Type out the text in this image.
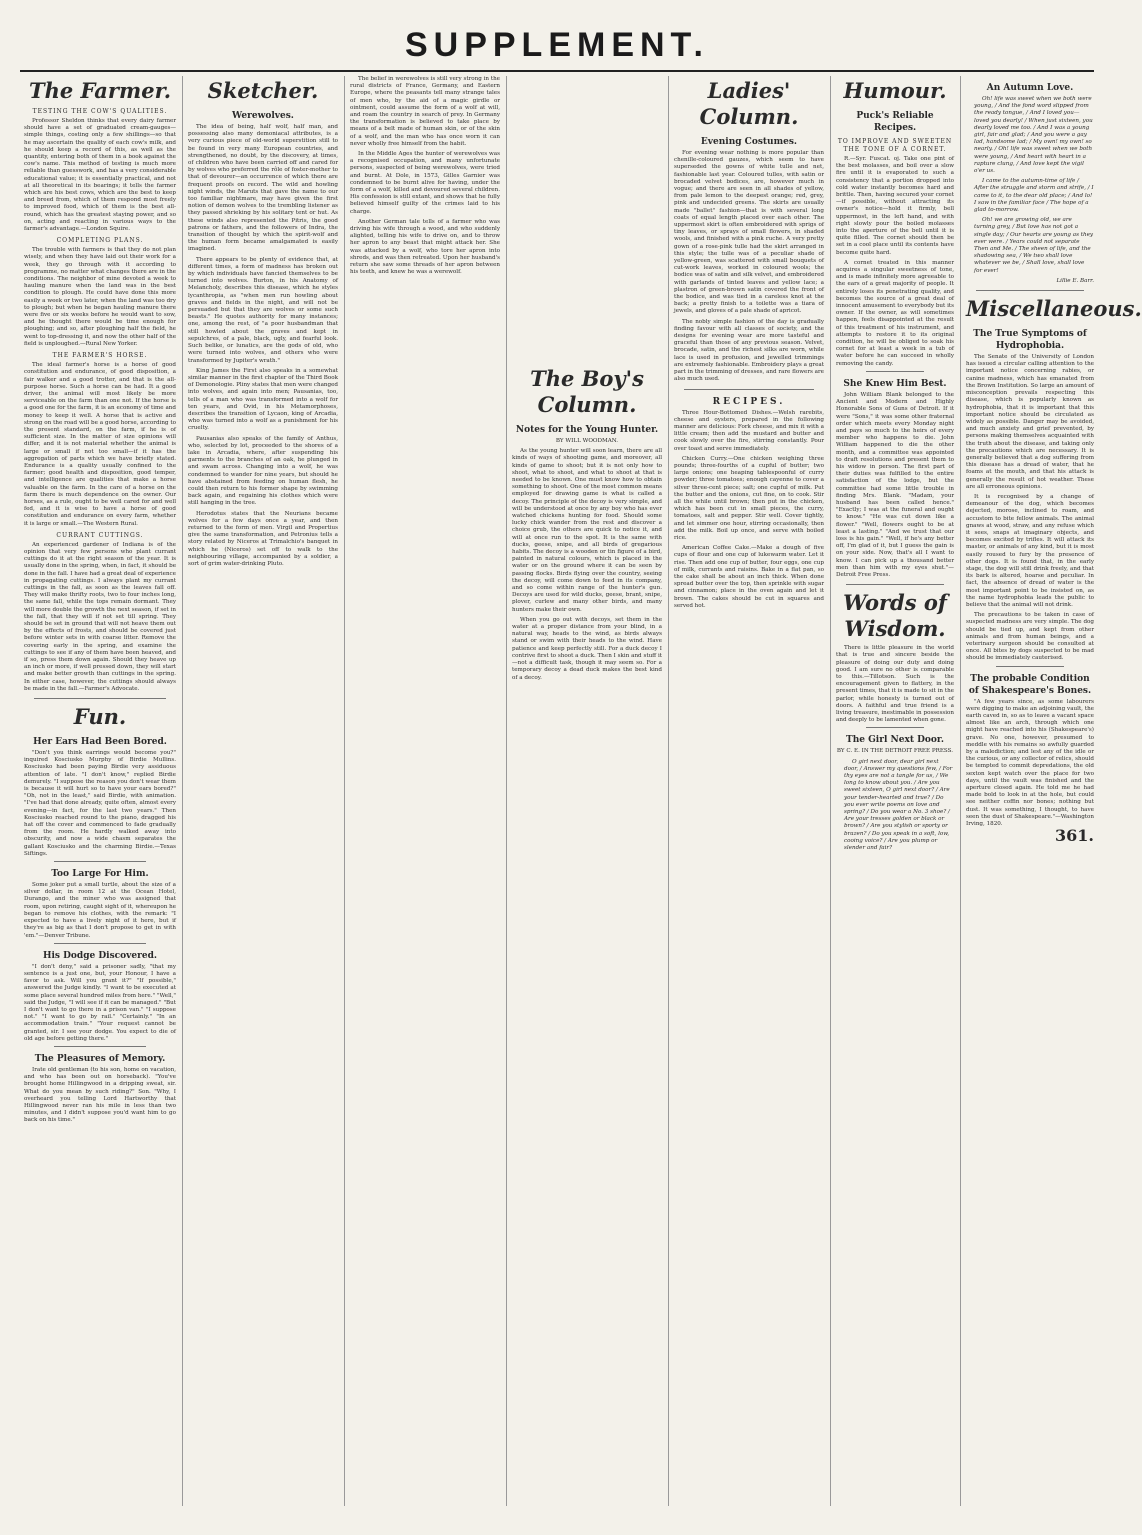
SUPPLEMENT.
The Farmer.
TESTING THE COW'S QUALITIES.

Professor Sheldon thinks that every dairy farmer should have a set of graduated cream-gauges—simple things, costing only a few shillings—so that he may ascertain the quality of each cow's milk, and he should keep a record of this, as well as the quantity, entering both of them in a book against the cow's name. This method of testing is much more reliable than guesswork, and has a very considerable educational value; it is essentially practical, and not at all theoretical in its bearings; it tells the farmer which are his best cows, which are the best to keep and breed from, which of them respond most freely to improved food, which of them is the best all-round, which has the greatest staying power, and so on, acting and reacting in various ways to the farmer's advantage.—London Squire.

COMPLETING PLANS.

The trouble with farmers is that they do not plan wisely, and when they have laid out their work for a week, they go through with it according to programme, no matter what changes there are in the conditions. The neighbor of mine devoted a week to hauling manure when the land was in the best condition to plough. He could have done this more easily a week or two later, when the land was too dry to plough; but when he began hauling manure there were five or six weeks before he would want to sow, and he thought there would be time enough for ploughing; and so, after ploughing half the field, he went to top-dressing it, and now the other half of the field is unploughed.—Rural New Yorker.

THE FARMER'S HORSE.

The ideal farmer's horse is a horse of good constitution and endurance, of good disposition, a fair walker and a good trotter, and that is the all-purpose horse. Such a horse can be had. It a good driver, the animal will most likely be more serviceable on the farm than one not. If the horse is a good one for the farm, it is an economy of time and money to keep it well. A horse that is active and strong on the road will be a good horse, according to the present standard, on the farm, if he is of sufficient size. In the matter of size opinions will differ, and it is not material whether the animal is large or small if not too small—if it has the aggregation of parts which we have briefly stated. Endurance is a quality usually confined to the farmer; good health and disposition, good temper, and intelligence are qualities that make a horse valuable on the farm. In the care of a horse on the farm there is much dependence on the owner. Our horses, as a rule, ought to be well cared for and well fed, and it is wise to have a horse of good constitution and endurance on every farm, whether it is large or small.—The Western Rural.

CURRANT CUTTINGS.

An experienced gardener of Indiana is of the opinion that very few persons who plant currant cuttings do it at the right season of the year. It is usually done in the spring, when, in fact, it should be done in the fall. I have had a great deal of experience in propagating cuttings. I always plant my currant cuttings in the fall, as soon as the leaves fall off. They will make thrifty roots, two to four inches long, the same fall, while the tops remain dormant. They will more double the growth the next season, if set in the fall, that they will if not set till spring. They should be set in ground that will not heave them out by the effects of frosts, and should be covered just before winter sets in with coarse litter. Remove the covering early in the spring, and examine the cuttings to see if any of them have been heaved, and if so, press them down again. Should they heave up an inch or more, if well pressed down, they will start and make better growth than cuttings in the spring. In either case, however, the cuttings should always be made in the fall.—Farmer's Advocate.

Fun.
Her Ears Had Been Bored.

"Don't you think earrings would become you?" inquired Kosciusko Murphy of Birdie Mullins. Kosciusko had been paying Birdie very assiduous attention of late. "I don't know," replied Birdie demurely. "I suppose the reason you don't wear them is because it will hurt so to have your ears bored?" "Oh, not in the least," said Birdie, with animation. "I've had that done already, quite often, almost every evening—in fact, for the last two years." Then Kosciusko reached round to the piano, dragged his hat off the cover and commenced to fade gradually from the room. He hardly walked away into obscurity, and now a wide chasm separates the gallant Kosciusko and the charming Birdie.—Texas Siftings.

Too Large For Him.

Some joker put a small turtle, about the size of a silver dollar, in room 12 at the Ocean Hotel, Durango, and the miner who was assigned that room, upon retiring, caught sight of it, whereupon he began to remove his clothes, with the remark: "I expected to have a lively night of it here, but if they're as big as that I don't propose to get in with 'em."—Denver Tribune.

His Dodge Discovered.

"I don't deny," said a prisoner sadly, "that my sentence is a just one, but, your Honour, I have a favor to ask. Will you grant it?" "If possible," answered the Judge kindly. "I want to be executed at some place several hundred miles from here." "Well," said the Judge, "I will see if it can be managed." "But I don't want to go there in a prison van." "I suppose not." "I want to go by rail." "Certainly." "In an accommodation train." "Your request cannot be granted, sir. I see your dodge. You expect to die of old age before getting there."

The Pleasures of Memory.

Irate old gentleman (to his son, home on vacation, and who has been out on horseback). "You've brought home Hillingwood in a dripping sweat, sir. What do you mean by such riding?" Son. "Why, I overheard you telling Lord Hartworthy that Hillingwood never ran his mile in less than two minutes, and I didn't suppose you'd want him to go back on his time."

Sketcher.
Werewolves.

The idea of being, half wolf, half man, and possessing also many demoniacal attributes, is a very curious piece of old-world superstition still to be found in very many European countries, and strengthened, no doubt, by the discovery, at times, of children who have been carried off and cared for by wolves who preferred the rôle of foster-mother to that of devourer—an occurrence of which there are frequent proofs on record. The wild and howling night winds, the Maruts that gave the name to our too familiar nightmare, may have given the first notion of demon wolves to the trembling listener as they passed shrieking by his solitary tent or hut. As these winds also represented the Pitris, the good patrons or fathers, and the followers of Indra, the transition of thought by which the spirit-wolf and the human form became amalgamated is easily imagined.

There appears to be plenty of evidence that, at different times, a form of madness has broken out by which individuals have fancied themselves to be turned into wolves. Burton, in his Anatomy of Melancholy, describes this disease, which he styles lycanthropia, as "when men run howling about graves and fields in the night, and will not be persuaded but that they are wolves or some such beasts." He quotes authority for many instances; one, among the rest, of "a poor husbandman that still howled about the graves and kept in sepulchres, of a pale, black, ugly, and fearful look. Such belike, or lunatics, are the gods of old, who were turned into wolves, and others who were transformed by Jupiter's wrath."

King James the First also speaks in a somewhat similar manner in the first chapter of the Third Book of Demonologie. Pliny states that men were changed into wolves, and again into men; Pausanias, too, tells of a man who was transformed into a wolf for ten years, and Ovid, in his Metamorphoses, describes the transition of Lycaon, king of Arcadia, who was turned into a wolf as a punishment for his cruelty.

Pausanias also speaks of the family of Anthus, who, selected by lot, proceeded to the shores of a lake in Arcadia, where, after suspending his garments to the branches of an oak, he plunged in and swam across. Changing into a wolf, he was condemned to wander for nine years, but should he have abstained from feeding on human flesh, he could then return to his former shape by swimming back again, and regaining his clothes which were still hanging in the tree.

Herodotus states that the Neurians became wolves for a few days once a year, and then returned to the form of men. Virgil and Propertius give the same transformation, and Petronius tells a story related by Niceros at Trimalchio's banquet in which he (Niceros) set off to walk to the neighbouring village, accompanied by a soldier, a sort of grim water-drinking Pluto.

The belief in werewolves is still very strong in the rural districts of France, Germany, and Eastern Europe, where the peasants tell many strange tales of men who, by the aid of a magic girdle or ointment, could assume the form of a wolf at will, and roam the country in search of prey. In Germany the transformation is believed to take place by means of a belt made of human skin, or of the skin of a wolf, and the man who has once worn it can never wholly free himself from the habit.

In the Middle Ages the hunter of werewolves was a recognised occupation, and many unfortunate persons, suspected of being werewolves, were tried and burnt. At Dole, in 1573, Gilles Garnier was condemned to be burnt alive for having, under the form of a wolf, killed and devoured several children. His confession is still extant, and shows that he fully believed himself guilty of the crimes laid to his charge.

Another German tale tells of a farmer who was driving his wife through a wood, and who suddenly alighted, telling his wife to drive on, and to throw her apron to any beast that might attack her. She was attacked by a wolf, who tore her apron into shreds, and was then retreated. Upon her husband's return she saw some threads of her apron between his teeth, and knew he was a werewolf.

The Boy's Column.
Notes for the Young Hunter.
BY WILL WOODMAN.

As the young hunter will soon learn, there are all kinds of ways of shooting game, and moreover, all kinds of game to shoot; but it is not only how to shoot, what to shoot, and what to shoot at that is needed to be known. One must know how to obtain something to shoot. One of the most common means employed for drawing game is what is called a decoy. The principle of the decoy is very simple, and will be understood at once by any boy who has ever watched chickens hunting for food. Should some lucky chick wander from the rest and discover a choice grub, the others are quick to notice it, and will at once run to the spot. It is the same with ducks, geese, snipe, and all birds of gregarious habits. The decoy is a wooden or tin figure of a bird, painted in natural colours, which is placed in the water or on the ground where it can be seen by passing flocks. Birds flying over the country, seeing the decoy, will come down to feed in its company, and so come within range of the hunter's gun. Decoys are used for wild ducks, geese, brant, snipe, plover, curlew and many other birds, and many hunters make their own.

When you go out with decoys, set them in the water at a proper distance from your blind, in a natural way, heads to the wind, as birds always stand or swim with their heads to the wind. Have patience and keep perfectly still. For a duck decoy I contrive first to shoot a duck. Then I skin and stuff it—not a difficult task, though it may seem so. For a temporary decoy a dead duck makes the best kind of a decoy.

Ladies' Column.
Evening Costumes.

For evening wear nothing is more popular than chenille-coloured gauzes, which seem to have superseded the gowns of white tulle and net, fashionable last year. Coloured tulles, with satin or brocaded velvet bodices, are, however much in vogue; and there are seen in all shades of yellow, from pale lemon to the deepest orange; red, grey, pink and undecided greens. The skirts are usually made "ballet" fashion—that is with several long coats of equal length placed over each other. The uppermost skirt is often embroidered with sprigs of tiny leaves, or sprays of small flowers, in shaded wools, and finished with a pink ruche. A very pretty gown of a rose-pink tulle had the skirt arranged in this style; the tulle was of a peculiar shade of yellow-green, was scattered with small bouquets of cut-work leaves, worked in coloured wools; the bodice was of satin and silk velvet, and embroidered with garlands of tinted leaves and yellow lace; a plastron of green-brown satin covered the front of the bodice, and was tied in a careless knot at the back; a pretty finish to a toilette was a tiara of jewels, and gloves of a pale shade of apricot.

The nobly simple fashion of the day is gradually finding favour with all classes of society, and the designs for evening wear are more tasteful and graceful than those of any previous season. Velvet, brocade, satin, and the richest silks are worn, while lace is used in profusion, and jewelled trimmings are extremely fashionable. Embroidery plays a great part in the trimming of dresses, and rare flowers are also much used.

RECIPES.

Three Hour-Bottomed Dishes.—Welsh rarebits, cheese and oysters, prepared in the following manner are delicious: Fork cheese, and mix it with a little cream; then add the mustard and butter and cook slowly over the fire, stirring constantly. Pour over toast and serve immediately.

Chicken Curry.—One chicken weighing three pounds; three-fourths of a cupful of butter; two large onions; one heaping tablespoonful of curry powder; three tomatoes; enough cayenne to cover a silver three-cent piece; salt; one cupful of milk. Put the butter and the onions, cut fine, on to cook. Stir all the while until brown; then put in the chicken, which has been cut in small pieces, the curry, tomatoes, salt and pepper. Stir well. Cover tightly, and let simmer one hour, stirring occasionally, then add the milk. Boil up once, and serve with boiled rice.

American Coffee Cake.—Make a dough of five cups of flour and one cup of lukewarm water. Let it rise. Then add one cup of butter, four eggs, one cup of milk, currants and raisins. Bake in a flat pan, so the cake shall be about an inch thick. When done spread butter over the top, then sprinkle with sugar and cinnamon; place in the oven again and let it brown. The cakes should be cut in squares and served hot.

Humour.
Puck's Reliable Recipes.
TO IMPROVE AND SWEETEN THE TONE OF A CORNET.

R.—Syr. Fuscat. oj. Take one pint of the best molasses, and boil over a slow fire until it is evaporated to such a consistency that a portion dropped into cold water instantly becomes hard and brittle. Then, having secured your cornet—if possible, without attracting its owner's notice—hold it firmly, bell uppermost, in the left hand, and with right slowly pour the boiled molasses into the aperture of the bell until it is quite filled. The cornet should then be set in a cool place until its contents have become quite hard.

A cornet treated in this manner acquires a singular sweetness of tone, and is made infinitely more agreeable to the ears of a great majority of people. It entirely loses its penetrating quality, and becomes the source of a great deal of innocent amusement to everybody but its owner. If the owner, as will sometimes happen, feels disappointed at the result of this treatment of his instrument, and attempts to restore it to its original condition, he will be obliged to soak his cornet for at least a week in a tub of water before he can succeed in wholly removing the candy.

She Knew Him Best.

John William Blank belonged to the Ancient and Modern and Highly Honorable Sons of Guns of Detroit. If it were "Sons," it was some other fraternal order which meets every Monday night and pays so much to the heirs of every member who happens to die. John William happened to die the other month, and a committee was appointed to draft resolutions and present them to his widow in person. The first part of their duties was fulfilled to the entire satisfaction of the lodge, but the committee had some little trouble in finding Mrs. Blank. "Madam, your husband has been called hence." "Exactly; I was at the funeral and ought to know." "He was cut down like a flower." "Well, flowers ought to be at least a lasting." "And we trust that our loss is his gain." "Well, if he's any better off, I'm glad of it, but I guess the gain is on your side. Now, that's all I want to know. I can pick up a thousand better men than him with my eyes shut."—Detroit Free Press.

Words of Wisdom.

There is little pleasure in the world that is true and sincere beside the pleasure of doing our duty and doing good. I am sure no other is comparable to this.—Tillotson. Such is the encouragement given to flattery, in the present times, that it is made to sit in the parlor, while honesty is turned out of doors. A faithful and true friend is a living treasure, inestimable in possession and deeply to be lamented when gone.

The Girl Next Door.
BY C. E. IN THE DETROIT FREE PRESS.

O girl next door, dear girl next door, / Answer my questions few, / For thy eyes are not a tangle for us, / We long to know about you. / Are you sweet sixteen, O girl next door? / Are your tender-hearted and true? / Do you ever write poems on love and spring? / Do you wear a No. 3 shoe? / Are your tresses golden or black or brown? / Are you stylish or sporty or brazen? / Do you speak in a soft, low, cooing voice? / Are you plump or slender and fair?

An Autumn Love.

Oh! life was sweet when we both were young, / And the fond word slipped from the ready tongue, / And I loved you—loved you dearly! / When just sixteen, you dearly loved me too. / And I was a young girl, fair and glad; / And you were a gay lad, handsome lad; / My own! my own! so nearly. / Oh! life was sweet when we both were young, / And heart with heart in a rapture clung, / And love kept the vigil o'er us.

I came to the autumn-time of life / After the struggle and storm and strife, / I came to it, to the dear old place; / And lo! I saw in the familiar face / The hope of a glad to-morrow.

Oh! we are growing old, we are turning grey, / But love has not got a single day; / Our hearts are young as they ever were. / Years could not separate Then and Me. / The sheen of life, and the shadowing sea, / We two shall love whatever we be, / Shall love, shall love for ever!

Lillie E. Barr.
Miscellaneous.
The True Symptoms of Hydrophobia.

The Senate of the University of London has issued a circular calling attention to the important notice concerning rabies, or canine madness, which has emanated from the Brown Institution. So large an amount of misconception prevails respecting this disease, which is popularly known as hydrophobia, that it is important that this important notice should be circulated as widely as possible. Danger may be avoided, and much anxiety and grief prevented, by persons making themselves acquainted with the truth about the disease, and taking only the precautions which are necessary. It is generally believed that a dog suffering from this disease has a dread of water, that he foams at the mouth, and that his attack is generally the result of hot weather. These are all erroneous opinions.

It is recognised by a change of demeanour of the dog, which becomes dejected, morose, inclined to roam, and accustom to bite fellow animals. The animal gnaws at wood, straw, and any refuse which it sees, snaps at imaginary objects, and becomes excited by trifles. It will attack its master, or animals of any kind, but it is most easily roused to fury by the presence of other dogs. It is found that, in the early stage, the dog will still drink freely, and that its bark is altered, hoarse and peculiar. In fact, the absence of dread of water is the most important point to be insisted on, as the name hydrophobia leads the public to believe that the animal will not drink.

The precautions to be taken in case of suspected madness are very simple. The dog should be tied up, and kept from other animals and from human beings, and a veterinary surgeon should be consulted at once. All bites by dogs suspected to be mad should be immediately cauterised.

The probable Condition of Shakespeare's Bones.

"A few years since, as some labourers were digging to make an adjoining vault, the earth caved in, so as to leave a vacant space almost like an arch, through which one might have reached into his (Shakespeare's) grave. No one, however, presumed to meddle with his remains so awfully guarded by a malediction; and lest any of the idle or the curious, or any collector of relics, should be tempted to commit depredations, the old sexton kept watch over the place for two days, until the vault was finished and the aperture closed again. He told me he had made bold to look in at the hole, but could see neither coffin nor bones; nothing but dust. It was something, I thought, to have seen the dust of Shakespeare."—Washington Irving, 1820.

361.
